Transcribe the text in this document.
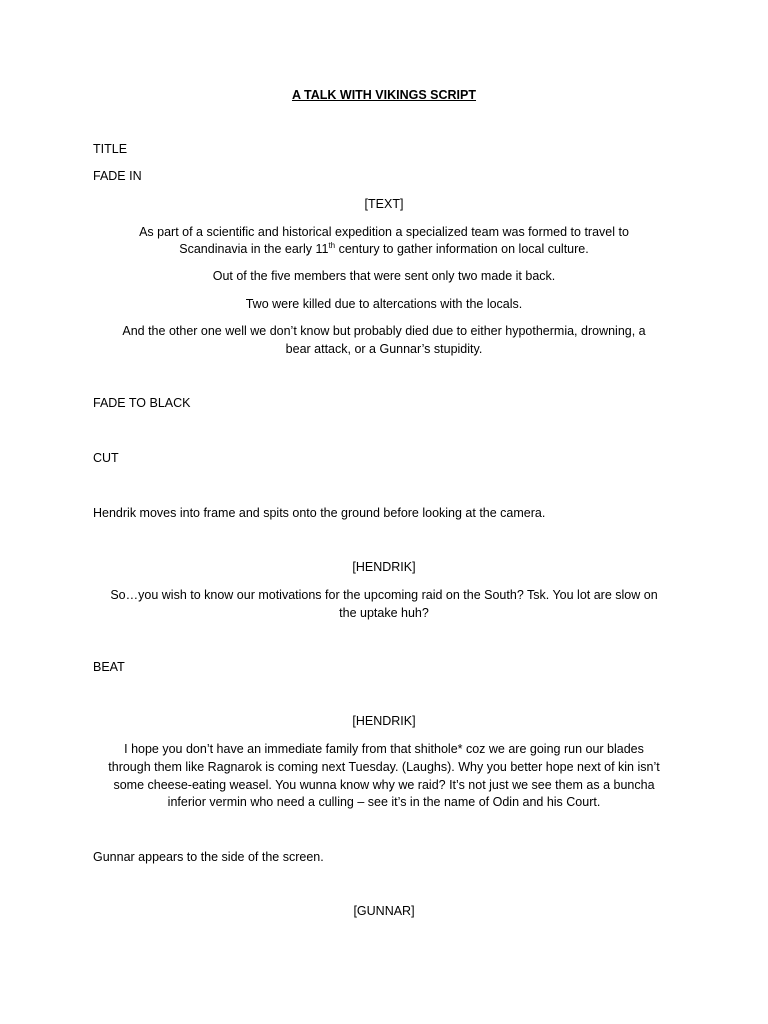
A TALK WITH VIKINGS SCRIPT

TITLE

FADE IN

[TEXT]

As part of a scientific and historical expedition a specialized team was formed to travel to

Scandinavia in the early 11th century to gather information on local culture.

Out of the five members that were sent only two made it back.

Two were killed due to altercations with the locals.

And the other one well we don’t know but probably died due to either hypothermia, drowning, a

bear attack, or a Gunnar’s stupidity.

FADE TO BLACK

CUT

Hendrik moves into frame and spits onto the ground before looking at the camera.

[HENDRIK]

So…you wish to know our motivations for the upcoming raid on the South? Tsk. You lot are slow on

the uptake huh?

BEAT

[HENDRIK]

I hope you don’t have an immediate family from that shithole* coz we are going run our blades

through them like Ragnarok is coming next Tuesday. (Laughs). Why you better hope next of kin isn’t

some cheese-eating weasel. You wunna know why we raid? It’s not just we see them as a buncha

inferior vermin who need a culling – see it’s in the name of Odin and his Court.

Gunnar appears to the side of the screen.

[GUNNAR]
